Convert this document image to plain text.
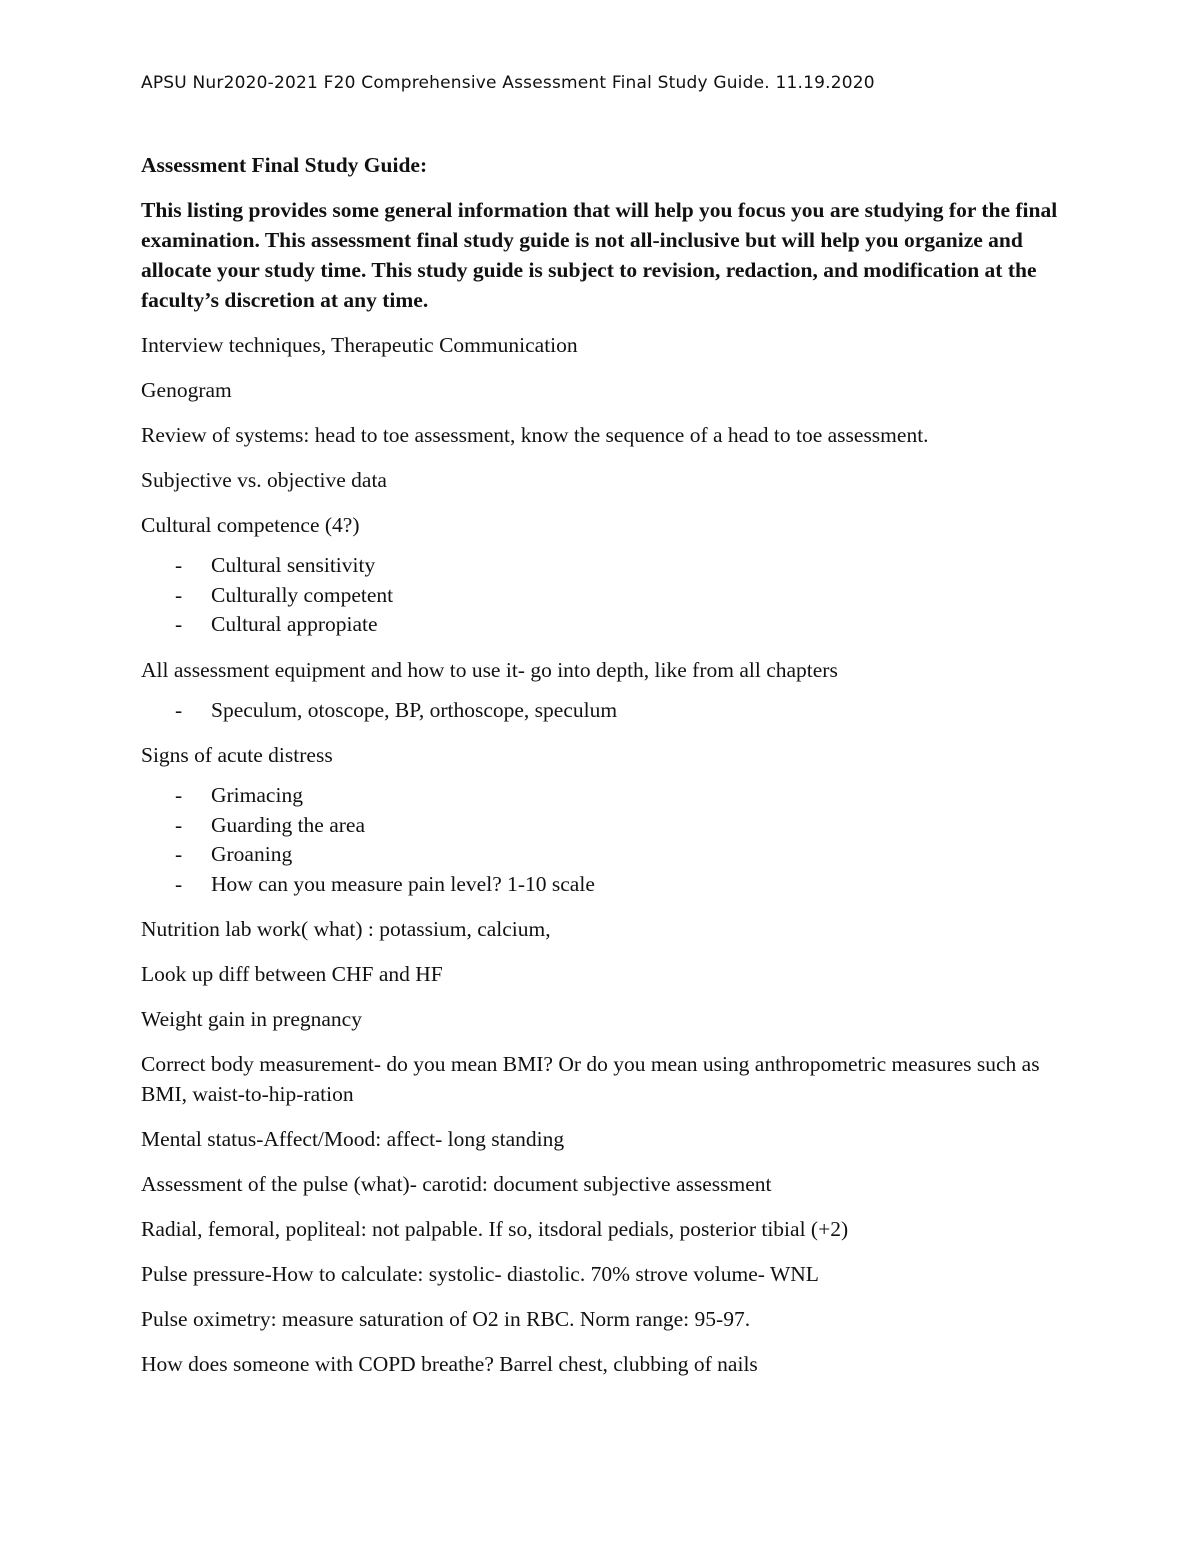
APSU Nur2020-2021 F20 Comprehensive Assessment Final Study Guide. 11.19.2020

Assessment Final Study Guide:

This listing provides some general information that will help you focus you are studying for the final examination. This assessment final study guide is not all-inclusive but will help you organize and allocate your study time. This study guide is subject to revision, redaction, and modification at the faculty’s discretion at any time.

Interview techniques, Therapeutic Communication

Genogram

Review of systems: head to toe assessment, know the sequence of a head to toe assessment.

Subjective vs. objective data

Cultural competence (4?)

- Cultural sensitivity
- Culturally competent
- Cultural appropiate

All assessment equipment and how to use it- go into depth, like from all chapters

- Speculum, otoscope, BP, orthoscope, speculum

Signs of acute distress

- Grimacing
- Guarding the area
- Groaning
- How can you measure pain level? 1-10 scale

Nutrition lab work( what) : potassium, calcium,

Look up diff between CHF and HF

Weight gain in pregnancy

Correct body measurement- do you mean BMI? Or do you mean using anthropometric measures such as BMI, waist-to-hip-ration

Mental status-Affect/Mood: affect- long standing

Assessment of the pulse (what)- carotid: document subjective assessment

Radial, femoral, popliteal: not palpable. If so, itsdoral pedials, posterior tibial (+2)

Pulse pressure-How to calculate: systolic- diastolic. 70% strove volume- WNL

Pulse oximetry: measure saturation of O2 in RBC. Norm range: 95-97.

How does someone with COPD breathe? Barrel chest, clubbing of nails
